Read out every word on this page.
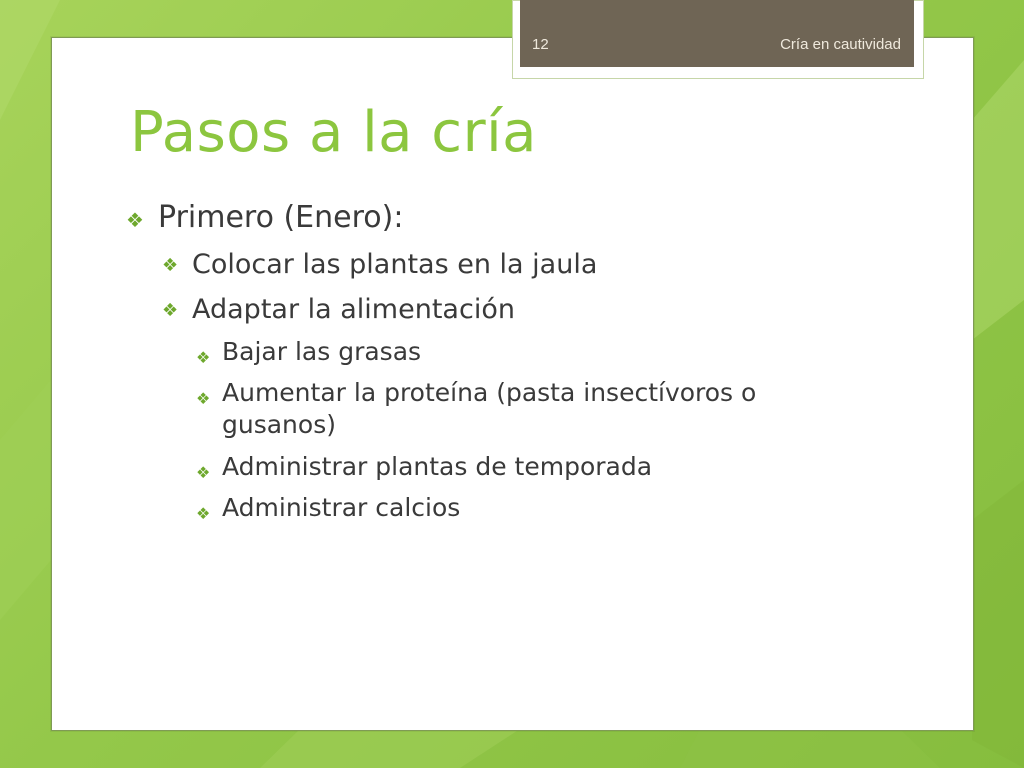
12	Cría en cautividad
Pasos a la cría
❖ Primero (Enero):
❖ Colocar las plantas en la jaula
❖ Adaptar la alimentación
❖ Bajar las grasas
❖ Aumentar la proteína (pasta insectívoros o gusanos)
❖ Administrar plantas de temporada
❖ Administrar calcios
